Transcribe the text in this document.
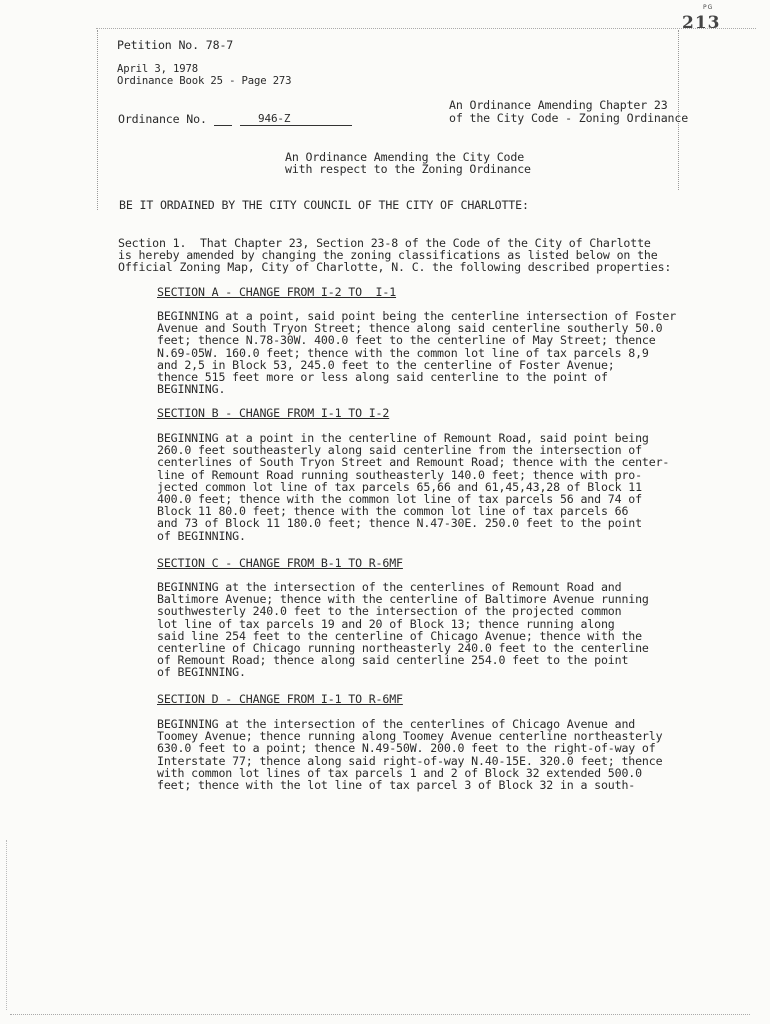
PG
213
Petition No. 78-7
April 3, 1978
Ordinance Book 25 - Page 273
Ordinance No.	946-Z
An Ordinance Amending Chapter 23
of the City Code - Zoning Ordinance
An Ordinance Amending the City Code
with respect to the Zoning Ordinance
BE IT ORDAINED BY THE CITY COUNCIL OF THE CITY OF CHARLOTTE:
Section 1.  That Chapter 23, Section 23-8 of the Code of the City of Charlotte
is hereby amended by changing the zoning classifications as listed below on the
Official Zoning Map, City of Charlotte, N. C. the following described properties:
SECTION A - CHANGE FROM I-2 TO  I-1
BEGINNING at a point, said point being the centerline intersection of Foster
Avenue and South Tryon Street; thence along said centerline southerly 50.0
feet; thence N.78-30W. 400.0 feet to the centerline of May Street; thence
N.69-05W. 160.0 feet; thence with the common lot line of tax parcels 8,9
and 2,5 in Block 53, 245.0 feet to the centerline of Foster Avenue;
thence 515 feet more or less along said centerline to the point of
BEGINNING.
SECTION B - CHANGE FROM I-1 TO I-2
BEGINNING at a point in the centerline of Remount Road, said point being
260.0 feet southeasterly along said centerline from the intersection of
centerlines of South Tryon Street and Remount Road; thence with the center-
line of Remount Road running southeasterly 140.0 feet; thence with pro-
jected common lot line of tax parcels 65,66 and 61,45,43,28 of Block 11
400.0 feet; thence with the common lot line of tax parcels 56 and 74 of
Block 11 80.0 feet; thence with the common lot line of tax parcels 66
and 73 of Block 11 180.0 feet; thence N.47-30E. 250.0 feet to the point
of BEGINNING.
SECTION C - CHANGE FROM B-1 TO R-6MF
BEGINNING at the intersection of the centerlines of Remount Road and
Baltimore Avenue; thence with the centerline of Baltimore Avenue running
southwesterly 240.0 feet to the intersection of the projected common
lot line of tax parcels 19 and 20 of Block 13; thence running along
said line 254 feet to the centerline of Chicago Avenue; thence with the
centerline of Chicago running northeasterly 240.0 feet to the centerline
of Remount Road; thence along said centerline 254.0 feet to the point
of BEGINNING.
SECTION D - CHANGE FROM I-1 TO R-6MF
BEGINNING at the intersection of the centerlines of Chicago Avenue and
Toomey Avenue; thence running along Toomey Avenue centerline northeasterly
630.0 feet to a point; thence N.49-50W. 200.0 feet to the right-of-way of
Interstate 77; thence along said right-of-way N.40-15E. 320.0 feet; thence
with common lot lines of tax parcels 1 and 2 of Block 32 extended 500.0
feet; thence with the lot line of tax parcel 3 of Block 32 in a south-
